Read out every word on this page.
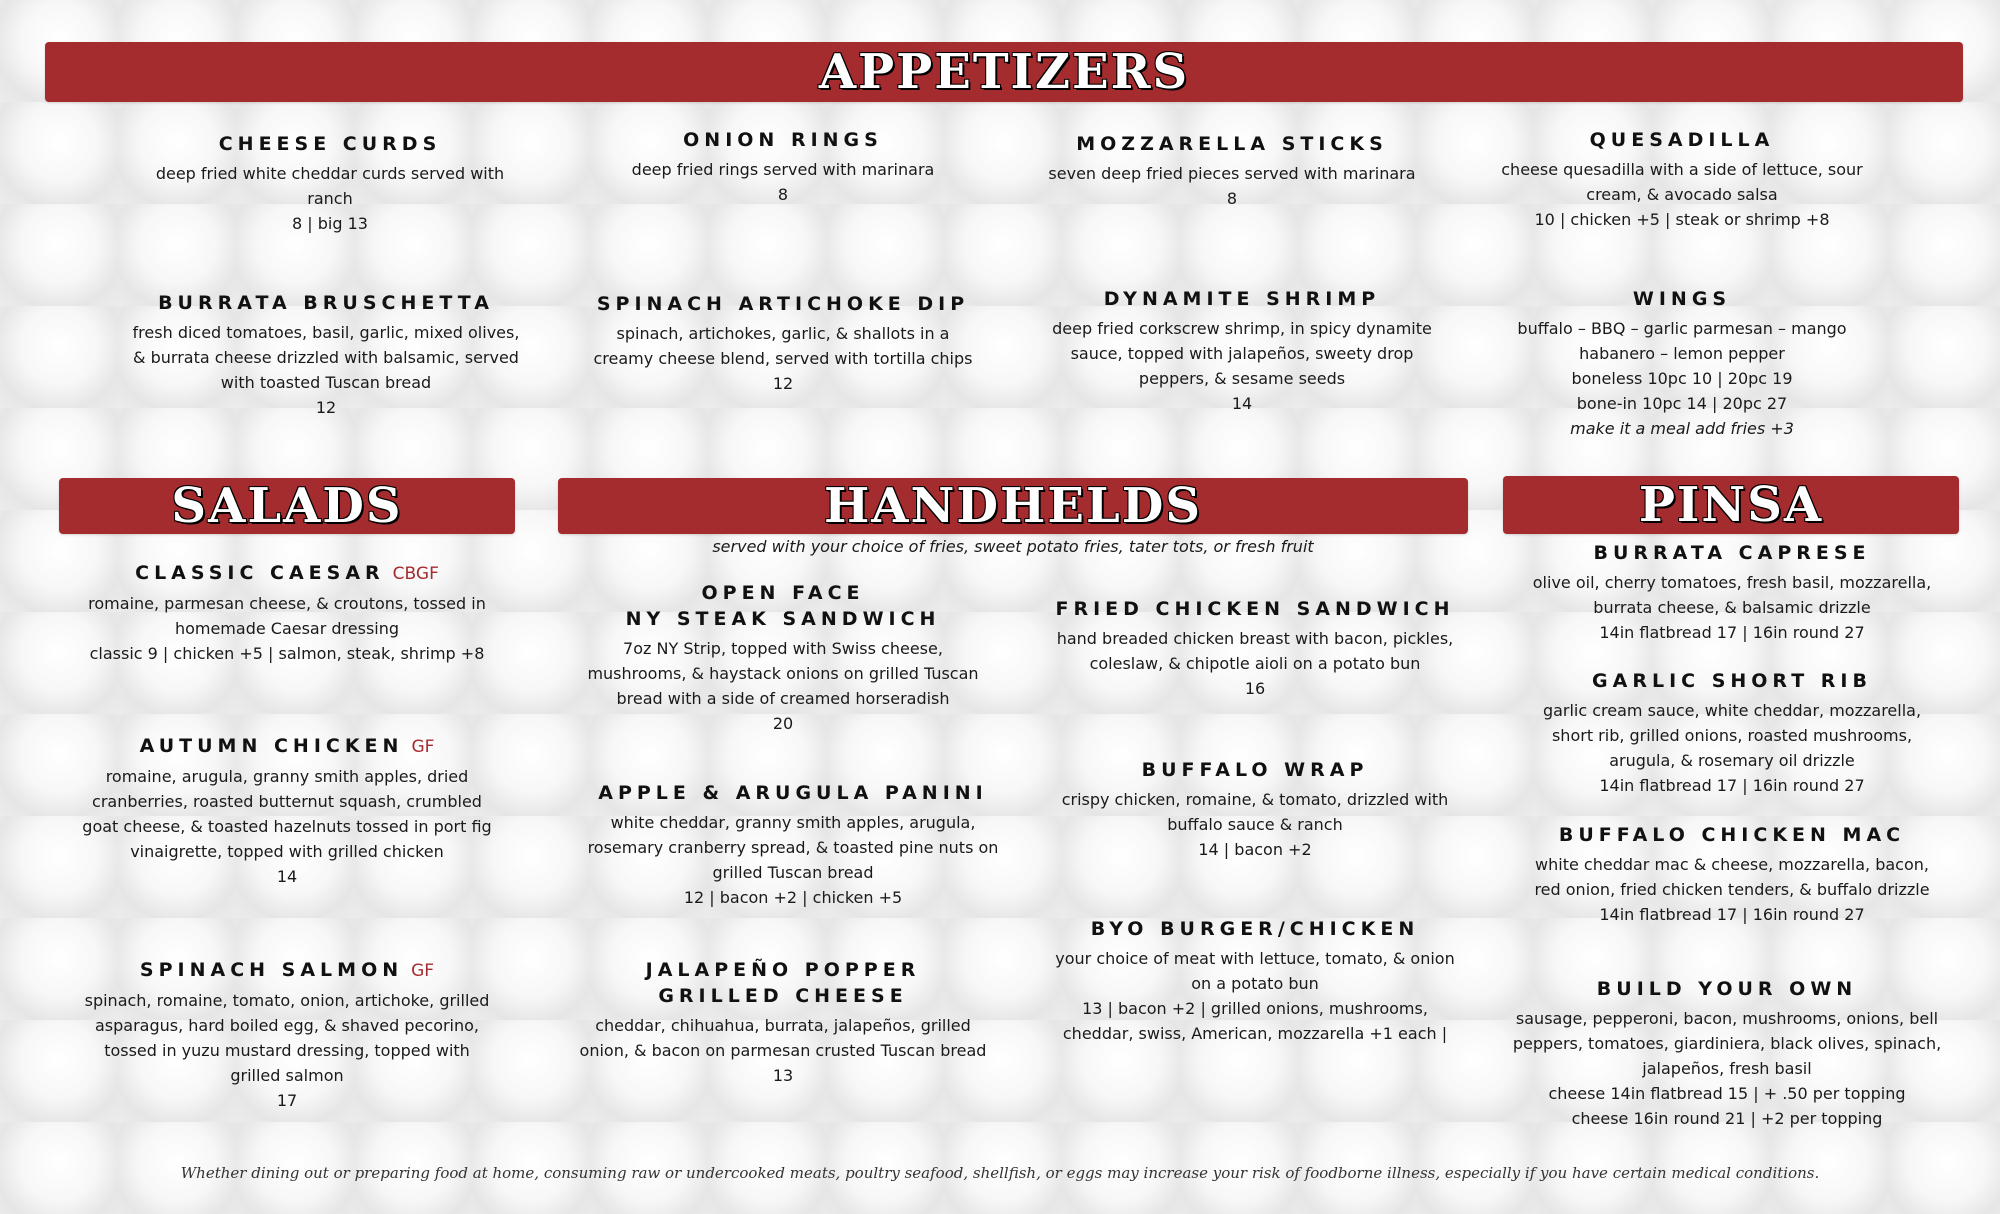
APPETIZERS
SALADS	HANDHELDS	PINSA
CHEESE CURDS
deep fried white cheddar curds served with ranch
8 | big 13
ONION RINGS
deep fried rings served with marinara
8
MOZZARELLA STICKS
seven deep fried pieces served with marinara
8
QUESADILLA
cheese quesadilla with a side of lettuce, sour cream, & avocado salsa
10 | chicken +5 | steak or shrimp +8
BURRATA BRUSCHETTA
fresh diced tomatoes, basil, garlic, mixed olives, & burrata cheese drizzled with balsamic, served with toasted Tuscan bread
12
SPINACH ARTICHOKE DIP
spinach, artichokes, garlic, & shallots in a creamy cheese blend, served with tortilla chips
12
DYNAMITE SHRIMP
deep fried corkscrew shrimp, in spicy dynamite sauce, topped with jalapeños, sweety drop peppers, & sesame seeds
14
WINGS
buffalo – BBQ – garlic parmesan – mango habanero – lemon pepper
boneless 10pc 10 | 20pc 19
bone-in 10pc 14 | 20pc 27
make it a meal add fries +3
CLASSIC CAESAR CBGF
romaine, parmesan cheese, & croutons, tossed in homemade Caesar dressing
classic 9 | chicken +5 | salmon, steak, shrimp +8
AUTUMN CHICKEN GF
romaine, arugula, granny smith apples, dried cranberries, roasted butternut squash, crumbled goat cheese, & toasted hazelnuts tossed in port fig vinaigrette, topped with grilled chicken
14
SPINACH SALMON GF
spinach, romaine, tomato, onion, artichoke, grilled asparagus, hard boiled egg, & shaved pecorino, tossed in yuzu mustard dressing, topped with grilled salmon
17
served with your choice of fries, sweet potato fries, tater tots, or fresh fruit
OPEN FACE
NY STEAK SANDWICH
7oz NY Strip, topped with Swiss cheese, mushrooms, & haystack onions on grilled Tuscan bread with a side of creamed horseradish
20
APPLE & ARUGULA PANINI
white cheddar, granny smith apples, arugula, rosemary cranberry spread, & toasted pine nuts on grilled Tuscan bread
12 | bacon +2 | chicken +5
JALAPEÑO POPPER
GRILLED CHEESE
cheddar, chihuahua, burrata, jalapeños, grilled onion, & bacon on parmesan crusted Tuscan bread
13
FRIED CHICKEN SANDWICH
hand breaded chicken breast with bacon, pickles, coleslaw, & chipotle aioli on a potato bun
16
BUFFALO WRAP
crispy chicken, romaine, & tomato, drizzled with buffalo sauce & ranch
14 | bacon +2
BYO BURGER/CHICKEN
your choice of meat with lettuce, tomato, & onion on a potato bun
13 | bacon +2 | grilled onions, mushrooms, cheddar, swiss, American, mozzarella +1 each |
BURRATA CAPRESE
olive oil, cherry tomatoes, fresh basil, mozzarella, burrata cheese, & balsamic drizzle
14in flatbread 17 | 16in round 27
GARLIC SHORT RIB
garlic cream sauce, white cheddar, mozzarella, short rib, grilled onions, roasted mushrooms, arugula, & rosemary oil drizzle
14in flatbread 17 | 16in round 27
BUFFALO CHICKEN MAC
white cheddar mac & cheese, mozzarella, bacon, red onion, fried chicken tenders, & buffalo drizzle
14in flatbread 17 | 16in round 27
BUILD YOUR OWN
sausage, pepperoni, bacon, mushrooms, onions, bell peppers, tomatoes, giardiniera, black olives, spinach, jalapeños, fresh basil
cheese 14in flatbread 15 | + .50 per topping
cheese 16in round 21 | +2 per topping
Whether dining out or preparing food at home, consuming raw or undercooked meats, poultry seafood, shellfish, or eggs may increase your risk of foodborne illness, especially if you have certain medical conditions.
